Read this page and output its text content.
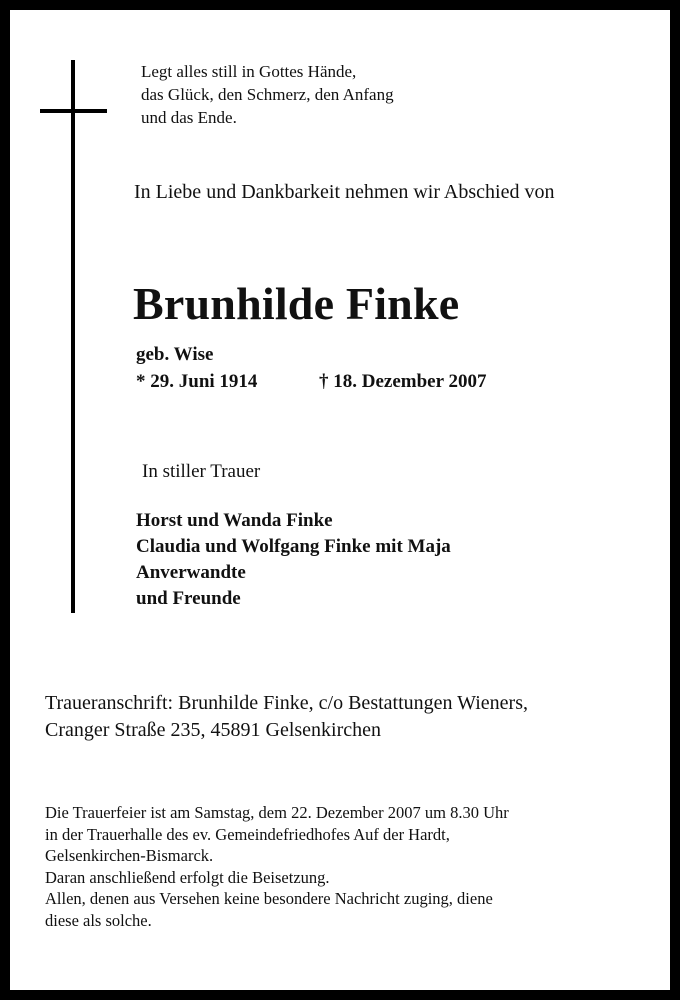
Legt alles still in Gottes Hände,
das Glück, den Schmerz, den Anfang
und das Ende.
In Liebe und Dankbarkeit nehmen wir Abschied von
Brunhilde Finke
geb. Wise
* 29. Juni 1914	† 18. Dezember 2007
In stiller Trauer
Horst und Wanda Finke
Claudia und Wolfgang Finke mit Maja
Anverwandte
und Freunde
Traueranschrift: Brunhilde Finke, c/o Bestattungen Wieners,
Cranger Straße 235, 45891 Gelsenkirchen
Die Trauerfeier ist am Samstag, dem 22. Dezember 2007 um 8.30 Uhr
in der Trauerhalle des ev. Gemeindefriedhofes Auf der Hardt,
Gelsenkirchen-Bismarck.
Daran anschließend erfolgt die Beisetzung.
Allen, denen aus Versehen keine besondere Nachricht zuging, diene
diese als solche.
